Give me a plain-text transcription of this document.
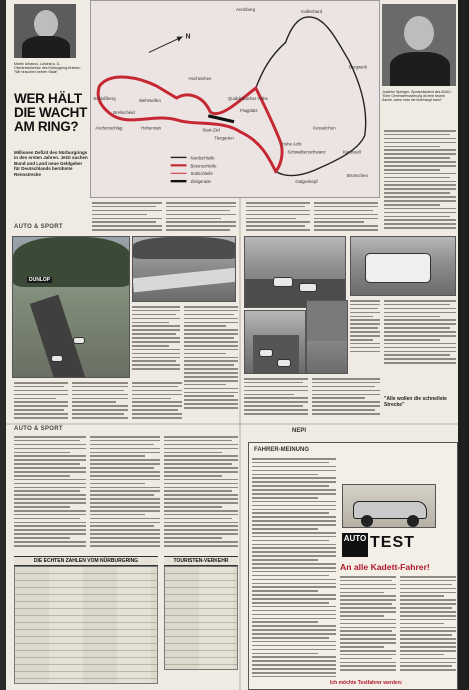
Martin Urbanus, Landrat a. D., Oberkreisdirektor des Nürburgring-Kreises: "Wir brauchen keinen Staat"
WER HÄLT DIE WACHT AM RING?
Millionen Defizit des Nürburgrings in den ersten Jahren. Jetzt suchen Bund und Land neue Geldgeber für Deutschlands berühmte Rennstrecke
N
Aremberg	Kallenhard
Bergwerk
Hocheichen
Quiddelbacher Höhe
Flugplatz
Schloßberg
Aschenschlag
Wehrseifen
Breitscheid
Hohenrain	Start-Ziel
Tiergarten
Hohe Acht
Kesselchen
Schwalbenschwanz	Karussell
Galgenkopf
Brünnchen
Nordschleife
Betonschleife
Südschleife
Zielgerade
Joachim Springer, Sportpräsident des ADAC: "Eine Generalrenovierung ist eine teuere Sache, wenn man sie überhaupt kann"
AUTO & SPORT
DUNLOP
"Alle wollen die schnellste Strecke"
AUTO & SPORT
DIE ECHTEN ZAHLEN VOM NÜRBURGRING	TOURISTEN-VERKEHR
NEPI
FAHRER-MEINUNG
AUTO TEST
An alle Kadett-Fahrer!
Ich möchte Testfahrer werden:
